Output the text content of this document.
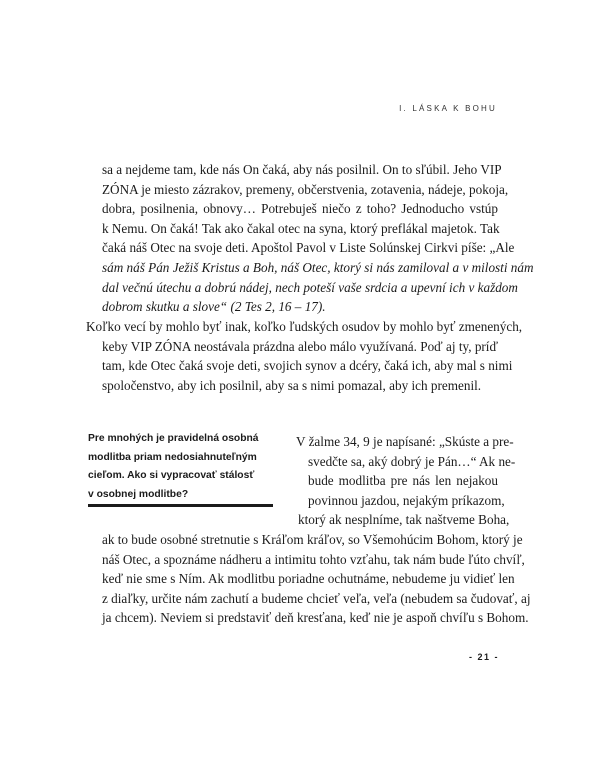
I. LÁSKA K BOHU
sa a nejdeme tam, kde nás On čaká, aby nás posilnil. On to sľúbil. Jeho VIP
ZÓNA je miesto zázrakov, premeny, občerstvenia, zotavenia, nádeje, pokoja,
dobra, posilnenia, obnovy… Potrebuješ niečo z toho? Jednoducho vstúp
k Nemu. On čaká! Tak ako čakal otec na syna, ktorý preflákal majetok. Tak
čaká náš Otec na svoje deti. Apoštol Pavol v Liste Solúnskej Cirkvi píše: „Ale
sám náš Pán Ježiš Kristus a Boh, náš Otec, ktorý si nás zamiloval a v milosti nám
dal večnú útechu a dobrú nádej, nech poteší vaše srdcia a upevní ich v každom
dobrom skutku a slove“ (2 Tes 2, 16 – 17).
Koľko vecí by mohlo byť inak, koľko ľudských osudov by mohlo byť zmenených,
keby VIP ZÓNA neostávala prázdna alebo málo využívaná. Poď aj ty, príď
tam, kde Otec čaká svoje deti, svojich synov a dcéry, čaká ich, aby mal s nimi
spoločenstvo, aby ich posilnil, aby sa s nimi pomazal, aby ich premenil.
Pre mnohých je pravidelná osobná
modlitba priam nedosiahnuteľným
cieľom. Ako si vypracovať stálosť
v osobnej modlitbe?
V žalme 34, 9 je napísané: „Skúste a pre-
svedčte sa, aký dobrý je Pán…“ Ak ne-
bude modlitba pre nás len nejakou
povinnou jazdou, nejakým príkazom,
ktorý ak nesplníme, tak naštveme Boha,
ak to bude osobné stretnutie s Kráľom kráľov, so Všemohúcim Bohom, ktorý je
náš Otec, a spoznáme nádheru a intimitu tohto vzťahu, tak nám bude ľúto chvíľ,
keď nie sme s Ním. Ak modlitbu poriadne ochutnáme, nebudeme ju vidieť len
z diaľky, určite nám zachutí a budeme chcieť veľa, veľa (nebudem sa čudovať, aj
ja chcem). Neviem si predstaviť deň kresťana, keď nie je aspoň chvíľu s Bohom.
- 21 -
